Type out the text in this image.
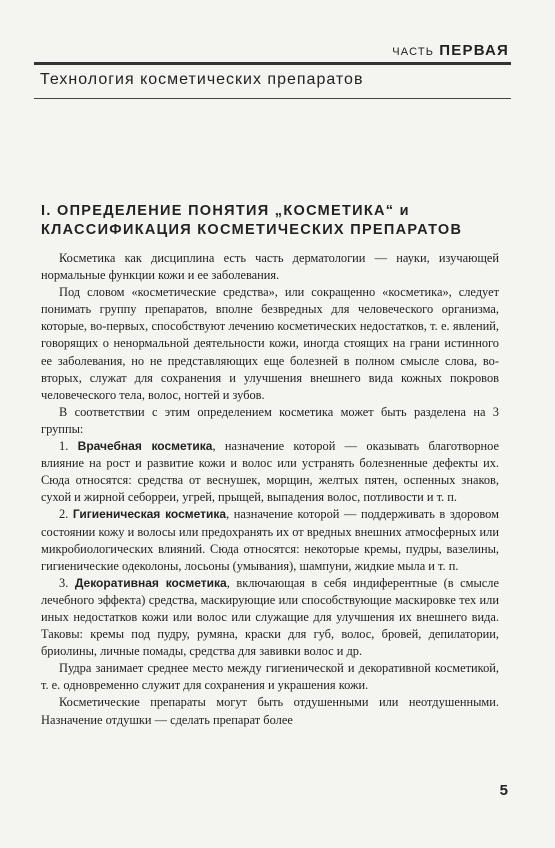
ЧАСТЬ ПЕРВАЯ
Технология косметических препаратов
I. ОПРЕДЕЛЕНИЕ ПОНЯТИЯ „КОСМЕТИКА“ и
КЛАССИФИКАЦИЯ КОСМЕТИЧЕСКИХ ПРЕПАРАТОВ

Косметика как дисциплина есть часть дерматологии — науки, изучающей нормальные функции кожи и ее заболевания.

Под словом «косметические средства», или сокращенно «косметика», следует понимать группу препаратов, вполне безвредных для человеческого организма, которые, во-первых, способствуют лечению косметических недостатков, т. е. явлений, говорящих о ненормальной деятельности кожи, иногда стоящих на грани истинного ее заболевания, но не представляющих еще болезней в полном смысле слова, во-вторых, служат для сохранения и улучшения внешнего вида кожных покровов человеческого тела, волос, ногтей и зубов.

В соответствии с этим определением косметика может быть разделена на 3 группы:

1. Врачебная косметика, назначение которой — оказывать благотворное влияние на рост и развитие кожи и волос или устранять болезненные дефекты их. Сюда относятся: средства от веснушек, морщин, желтых пятен, оспенных знаков, сухой и жирной себорреи, угрей, прыщей, выпадения волос, потливости и т. п.

2. Гигиеническая косметика, назначение которой — поддерживать в здоровом состоянии кожу и волосы или предохранять их от вредных внешних атмосферных или микробиологических влияний. Сюда относятся: некоторые кремы, пудры, вазелины, гигиенические одеколоны, лосьоны (умывания), шампуни, жидкие мыла и т. п.

3. Декоративная косметика, включающая в себя индиферентные (в смысле лечебного эффекта) средства, маскирующие или способствующие маскировке тех или иных недостатков кожи или волос или служащие для улучшения их внешнего вида. Таковы: кремы под пудру, румяна, краски для губ, волос, бровей, депилатории, бриолины, личные помады, средства для завивки волос и др.

Пудра занимает среднее место между гигиенической и декоративной косметикой, т. е. одновременно служит для сохранения и украшения кожи.

Косметические препараты могут быть отдушенными или неотдушенными. Назначение отдушки — сделать препарат более

5
